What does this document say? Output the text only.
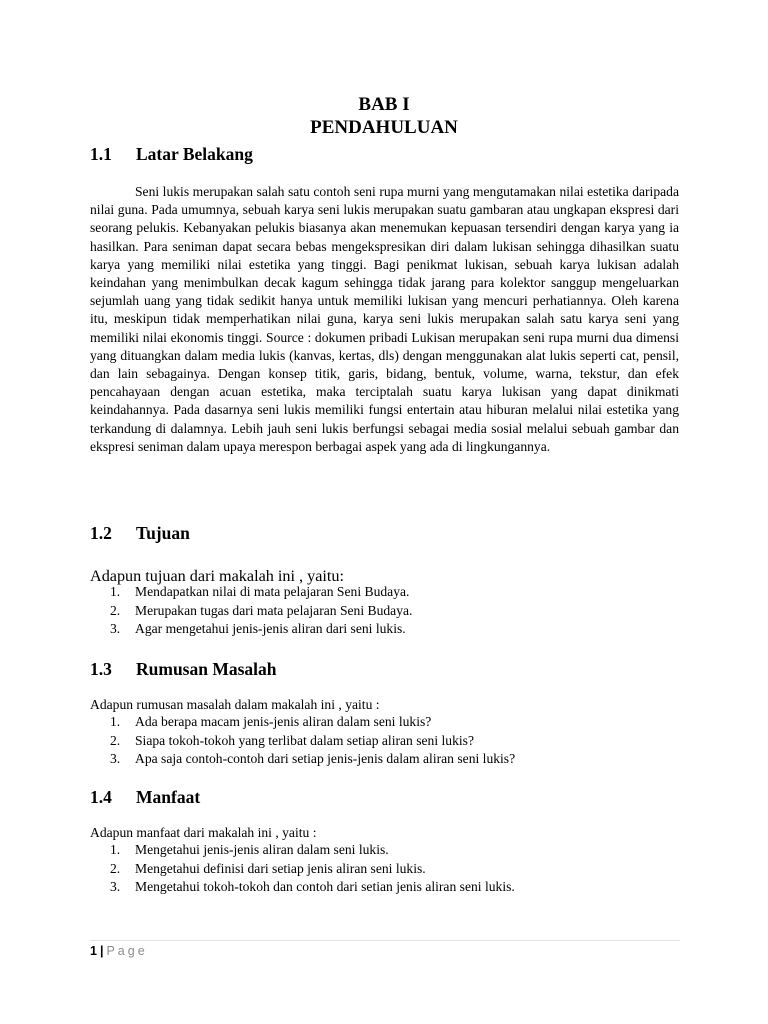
BAB I
PENDAHULUAN
1.1 Latar Belakang

Seni lukis merupakan salah satu contoh seni rupa murni yang mengutamakan nilai estetika daripada nilai guna. Pada umumnya, sebuah karya seni lukis merupakan suatu gambaran atau ungkapan ekspresi dari seorang pelukis. Kebanyakan pelukis biasanya akan menemukan kepuasan tersendiri dengan karya yang ia hasilkan. Para seniman dapat secara bebas mengekspresikan diri dalam lukisan sehingga dihasilkan suatu karya yang memiliki nilai estetika yang tinggi. Bagi penikmat lukisan, sebuah karya lukisan adalah keindahan yang menimbulkan decak kagum sehingga tidak jarang para kolektor sanggup mengeluarkan sejumlah uang yang tidak sedikit hanya untuk memiliki lukisan yang mencuri perhatiannya. Oleh karena itu, meskipun tidak memperhatikan nilai guna, karya seni lukis merupakan salah satu karya seni yang memiliki nilai ekonomis tinggi. Source : dokumen pribadi Lukisan merupakan seni rupa murni dua dimensi yang dituangkan dalam media lukis (kanvas, kertas, dls) dengan menggunakan alat lukis seperti cat, pensil, dan lain sebagainya. Dengan konsep titik, garis, bidang, bentuk, volume, warna, tekstur, dan efek pencahayaan dengan acuan estetika, maka terciptalah suatu karya lukisan yang dapat dinikmati keindahannya. Pada dasarnya seni lukis memiliki fungsi entertain atau hiburan melalui nilai estetika yang terkandung di dalamnya. Lebih jauh seni lukis berfungsi sebagai media sosial melalui sebuah gambar dan ekspresi seniman dalam upaya merespon berbagai aspek yang ada di lingkungannya.

1.2 Tujuan
Adapun tujuan dari makalah ini , yaitu:
1. Mendapatkan nilai di mata pelajaran Seni Budaya.
2. Merupakan tugas dari mata pelajaran Seni Budaya.
3. Agar mengetahui jenis-jenis aliran dari seni lukis.
1.3 Rumusan Masalah
Adapun rumusan masalah dalam makalah ini , yaitu :
1. Ada berapa macam jenis-jenis aliran dalam seni lukis?
2. Siapa tokoh-tokoh yang terlibat dalam setiap aliran seni lukis?
3. Apa saja contoh-contoh dari setiap jenis-jenis dalam aliran seni lukis?
1.4 Manfaat
Adapun manfaat dari makalah ini , yaitu :
1. Mengetahui jenis-jenis aliran dalam seni lukis.
2. Mengetahui definisi dari setiap jenis aliran seni lukis.
3. Mengetahui tokoh-tokoh dan contoh dari setian jenis aliran seni lukis.
1 | Page
